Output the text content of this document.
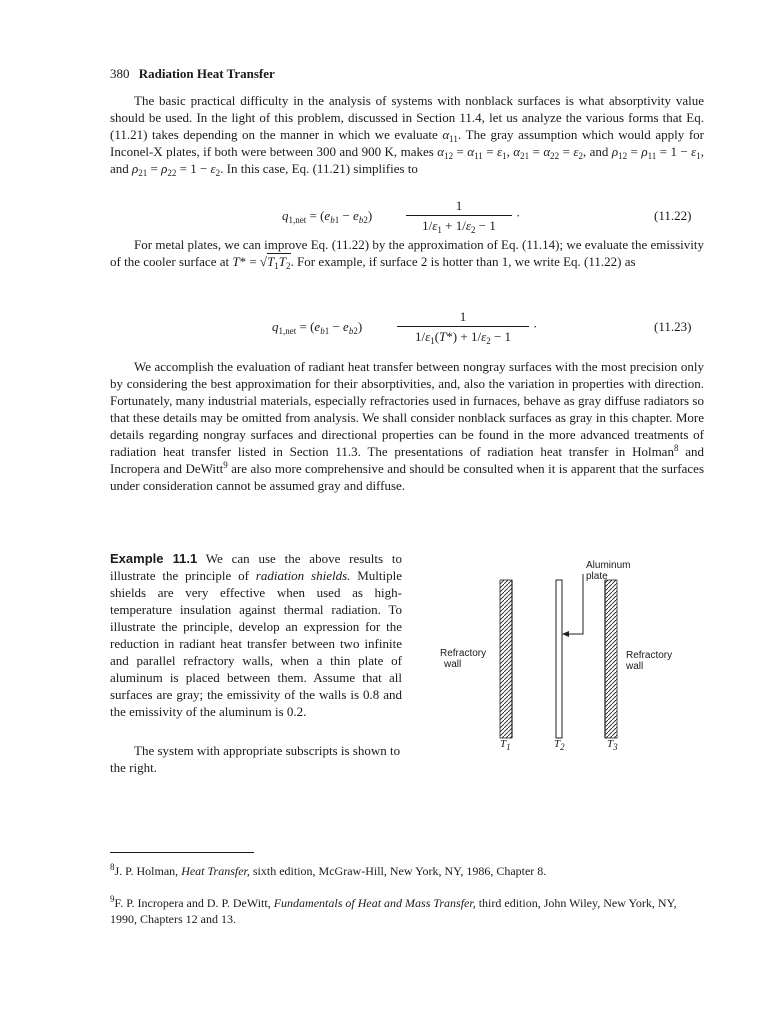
380 Radiation Heat Transfer

The basic practical difficulty in the analysis of systems with nonblack surfaces is what absorptivity value should be used. In the light of this problem, discussed in Section 11.4, let us analyze the various forms that Eq. (11.21) takes depending on the manner in which we evaluate $\alpha_{11}$. The gray assumption which would apply for Inconel-X plates, if both were between 300 and 900 K, makes $\alpha_{12} = \alpha_{11} = \varepsilon_1$, $\alpha_{21} = \alpha_{22} = \varepsilon_2$, and $\rho_{12} = \rho_{11} = 1 - \varepsilon_1$, and $\rho_{21} = \rho_{22} = 1 - \varepsilon_2$. In this case, Eq. (11.21) simplifies to

$q_{1,net} = (e_{b1} - e_{b2})$
1
$1/\varepsilon_1 + 1/\varepsilon_2 - 1$
·	(11.22)

For metal plates, we can improve Eq. (11.22) by the approximation of Eq. (11.14); we evaluate the emissivity of the cooler surface at $T* = √T_1T_2$. For example, if surface 2 is hotter than 1, we write Eq. (11.22) as

$q_{1,net} = (e_{b1} - e_{b2})$
1
$1/\varepsilon_1(T*) + 1/\varepsilon_2 - 1$
·	(11.23)

We accomplish the evaluation of radiant heat transfer between nongray surfaces with the most precision only by considering the best approximation for their absorptivities, and, also the variation in properties with direction. Fortunately, many industrial materials, especially refractories used in furnaces, behave as gray diffuse radiators so that these details may be omitted from analysis. We shall consider nonblack surfaces as gray in this chapter. More details regarding nongray surfaces and directional properties can be found in the more advanced treatments of radiation heat transfer listed in Section 11.3. The presentations of radiation heat transfer in Holman$^8$ and Incropera and DeWitt$^9$ are also more comprehensive and should be consulted when it is apparent that the surfaces under consideration cannot be assumed gray and diffuse.

Example 11.1 We can use the above results to illustrate the principle of radiation shields. Multiple shields are very effective when used as high-temperature insulation against thermal radiation. To illustrate the principle, develop an expression for the reduction in radiant heat transfer between two infinite and parallel refractory walls, when a thin plate of aluminum is placed between them. Assume that all surfaces are gray; the emissivity of the walls is 0.8 and the emissivity of the aluminum is 0.2.

The system with appropriate subscripts is shown to the right.

Aluminum
plate
Refractory
wall
Refractory
wall
$T_1$	$T_2$	$T_3$

$^8$J. P. Holman, Heat Transfer, sixth edition, McGraw-Hill, New York, NY, 1986, Chapter 8.

$^9$F. P. Incropera and D. P. DeWitt, Fundamentals of Heat and Mass Transfer, third edition, John Wiley, New York, NY, 1990, Chapters 12 and 13.
